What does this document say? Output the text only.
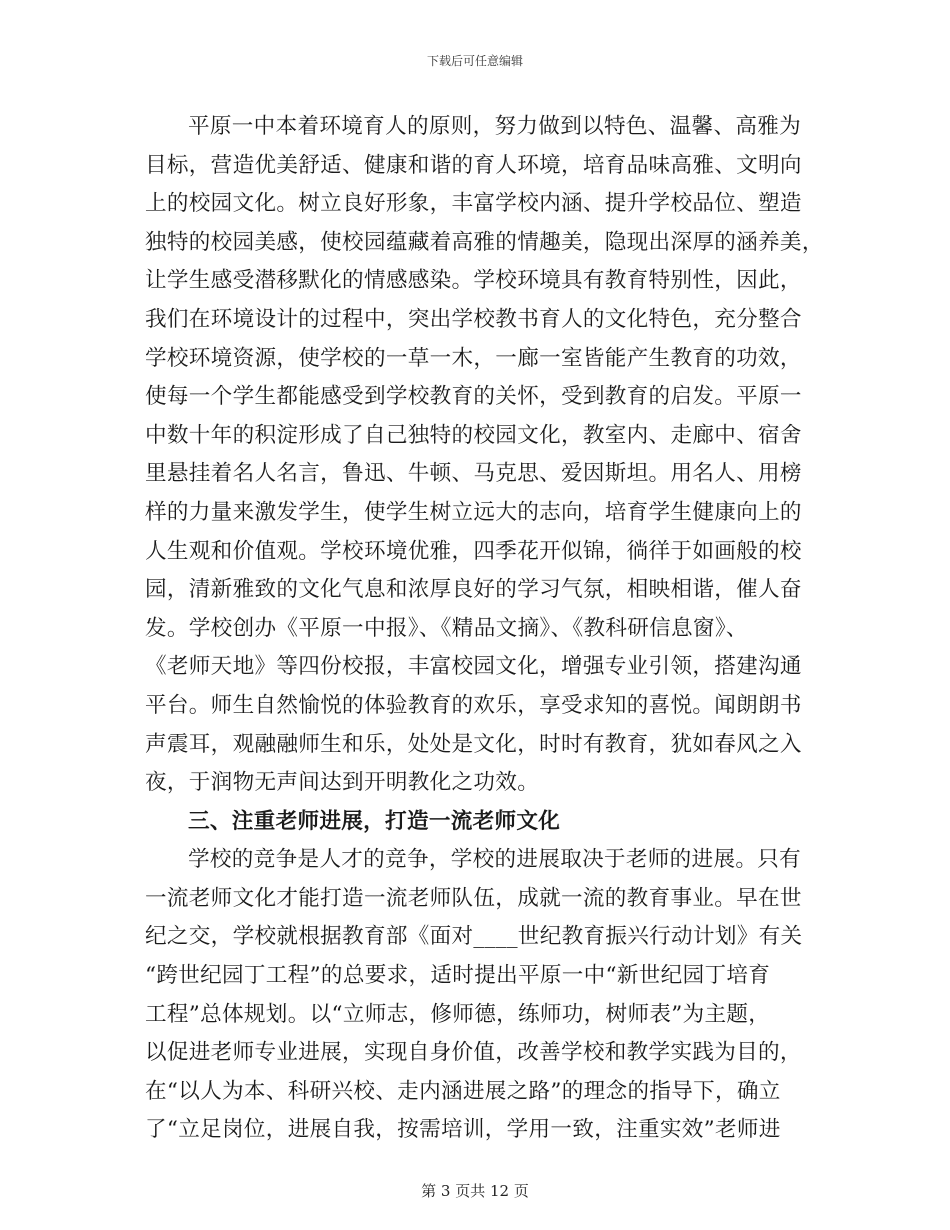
下载后可任意编辑
平原一中本着环境育人的原则，努力做到以特色、温馨、高雅为
目标，营造优美舒适、健康和谐的育人环境，培育品味高雅、文明向
上的校园文化。树立良好形象，丰富学校内涵、提升学校品位、塑造
独特的校园美感，使校园蕴藏着高雅的情趣美，隐现出深厚的涵养美，
让学生感受潜移默化的情感感染。学校环境具有教育特别性，因此，
我们在环境设计的过程中，突出学校教书育人的文化特色，充分整合
学校环境资源，使学校的一草一木，一廊一室皆能产生教育的功效，
使每一个学生都能感受到学校教育的关怀，受到教育的启发。平原一
中数十年的积淀形成了自己独特的校园文化，教室内、走廊中、宿舍
里悬挂着名人名言，鲁迅、牛顿、马克思、爱因斯坦。用名人、用榜
样的力量来激发学生，使学生树立远大的志向，培育学生健康向上的
人生观和价值观。学校环境优雅，四季花开似锦，徜徉于如画般的校
园，清新雅致的文化气息和浓厚良好的学习气氛，相映相谐，催人奋
发。学校创办《平原一中报》、《精品文摘》、《教科研信息窗》、
《老师天地》等四份校报，丰富校园文化，增强专业引领，搭建沟通
平台。师生自然愉悦的体验教育的欢乐，享受求知的喜悦。闻朗朗书
声震耳，观融融师生和乐，处处是文化，时时有教育，犹如春风之入
夜，于润物无声间达到开明教化之功效。
三、注重老师进展，打造一流老师文化
学校的竞争是人才的竞争，学校的进展取决于老师的进展。只有
一流老师文化才能打造一流老师队伍，成就一流的教育事业。早在世
纪之交，学校就根据教育部《面对____世纪教育振兴行动计划》有关
“跨世纪园丁工程”的总要求，适时提出平原一中“新世纪园丁培育
工程”总体规划。以“立师志，修师德，练师功，树师表”为主题，
以促进老师专业进展，实现自身价值，改善学校和教学实践为目的，
在“以人为本、科研兴校、走内涵进展之路”的理念的指导下，确立
了“立足岗位，进展自我，按需培训，学用一致，注重实效”老师进
第 3 页共 12 页
